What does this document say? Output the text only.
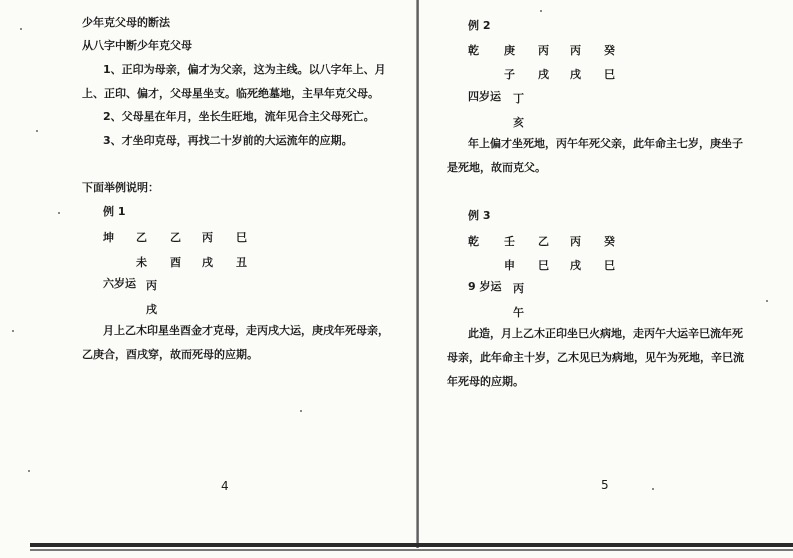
少年克父母的断法
从八字中断少年克父母
1、正印为母亲，偏才为父亲，这为主线。以八字年上、月
上、正印、偏才，父母星坐支。临死绝墓地，主早年克父母。
2、父母星在年月，坐长生旺地，流年见合主父母死亡。
3、才坐印克母，再找二十岁前的大运流年的应期。
下面举例说明：
例 1
坤 乙 乙 丙 巳
未 酉 戌 丑
六岁运 丙
戌
月上乙木印星坐酉金才克母，走丙戌大运，庚戌年死母亲，
乙庚合，酉戌穿，故而死母的应期。
4
例 2
乾 庚 丙 丙 癸
子 戌 戌 巳
四岁运 丁
亥
年上偏才坐死地，丙午年死父亲，此年命主七岁，庚坐子
是死地，故而克父。
例 3
乾 壬 乙 丙 癸
申 巳 戌 巳
9 岁运 丙
午
此造，月上乙木正印坐巳火病地，走丙午大运辛巳流年死
母亲，此年命主十岁，乙木见巳为病地，见午为死地，辛巳流
年死母的应期。
5
